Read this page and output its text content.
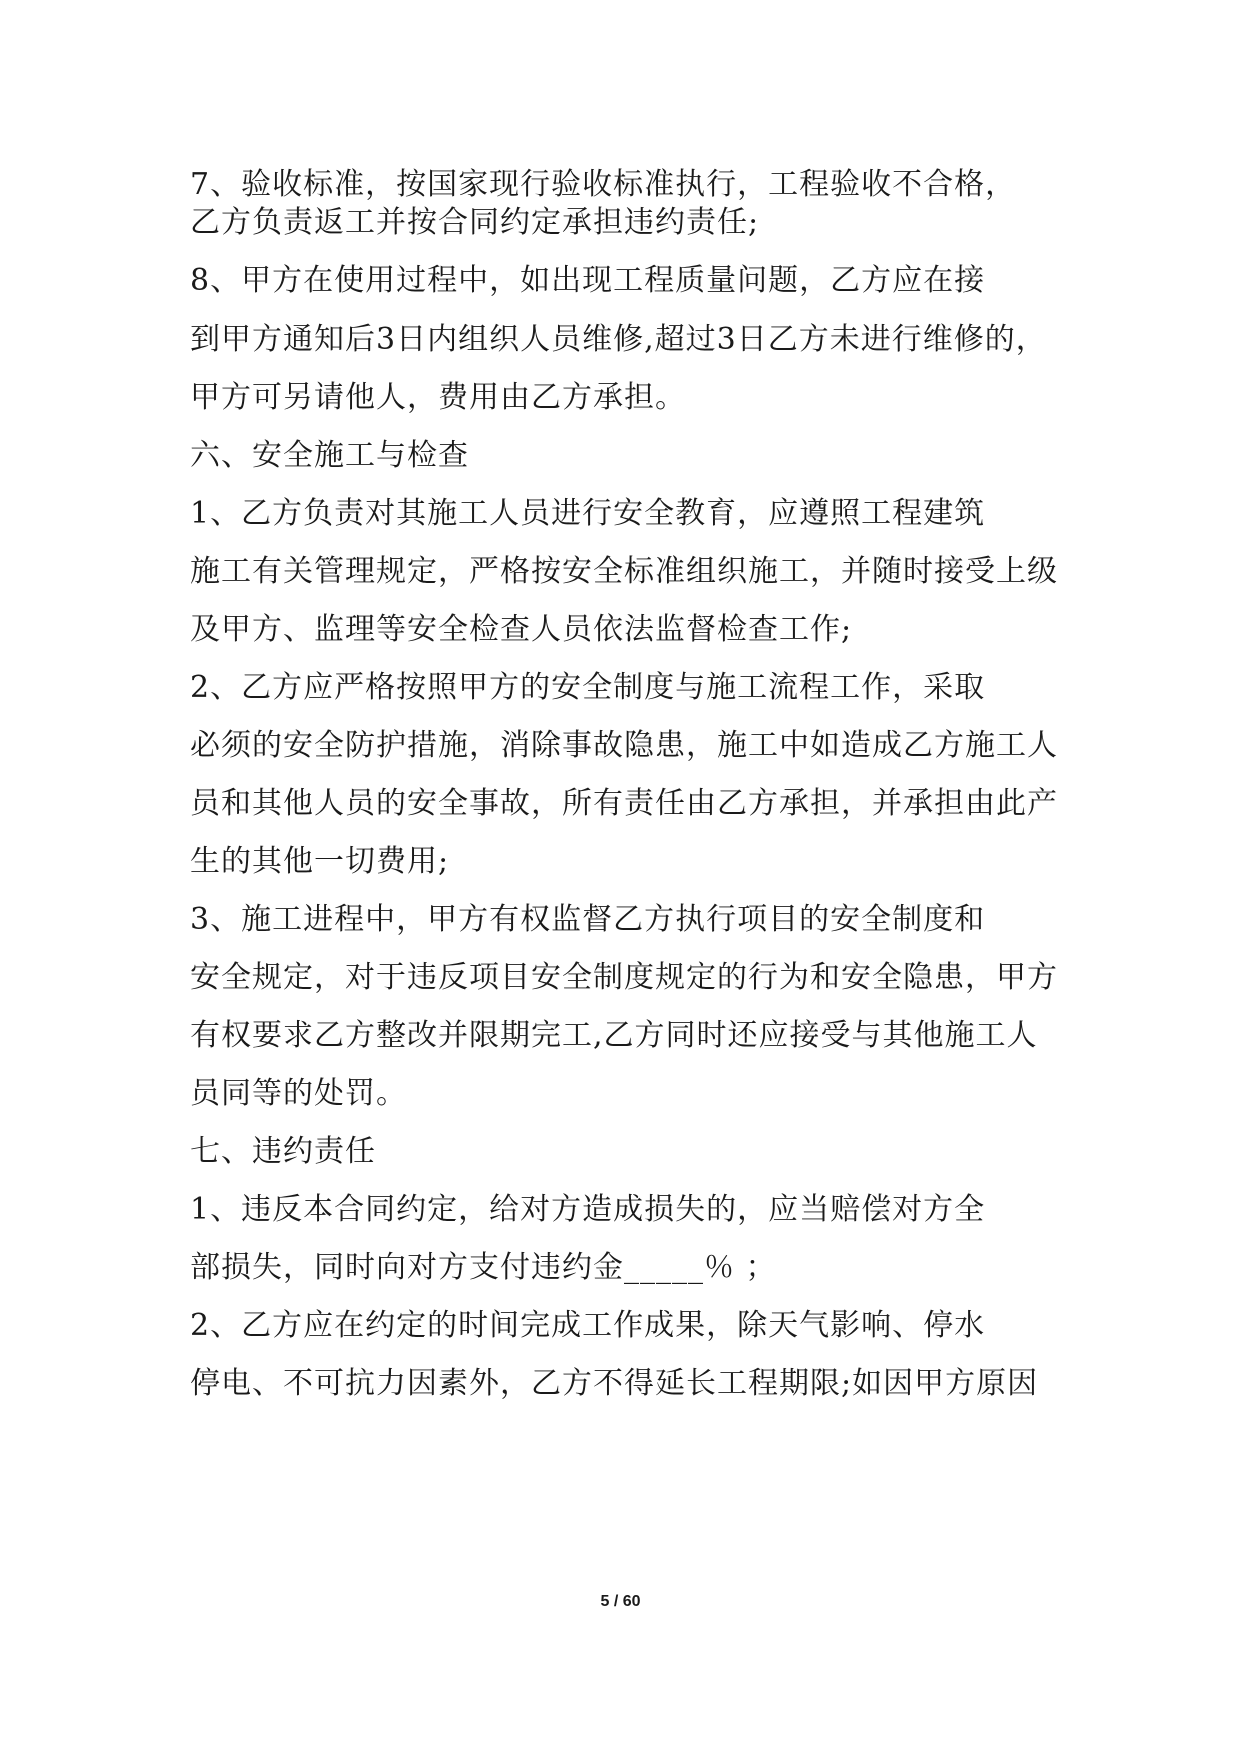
7、验收标准，按国家现行验收标准执行，工程验收不合格，
乙方负责返工并按合同约定承担违约责任;
8、甲方在使用过程中，如出现工程质量问题，乙方应在接
到甲方通知后3日内组织人员维修,超过3日乙方未进行维修的，
甲方可另请他人，费用由乙方承担。
六、安全施工与检查
1、乙方负责对其施工人员进行安全教育，应遵照工程建筑
施工有关管理规定，严格按安全标准组织施工，并随时接受上级
及甲方、监理等安全检查人员依法监督检查工作;
2、乙方应严格按照甲方的安全制度与施工流程工作，采取
必须的安全防护措施，消除事故隐患，施工中如造成乙方施工人
员和其他人员的安全事故，所有责任由乙方承担，并承担由此产
生的其他一切费用;
3、施工进程中，甲方有权监督乙方执行项目的安全制度和
安全规定，对于违反项目安全制度规定的行为和安全隐患，甲方
有权要求乙方整改并限期完工,乙方同时还应接受与其他施工人
员同等的处罚。
七、违约责任
1、违反本合同约定，给对方造成损失的，应当赔偿对方全
部损失，同时向对方支付违约金_____％ ；
2、乙方应在约定的时间完成工作成果，除天气影响、停水
停电、不可抗力因素外，乙方不得延长工程期限;如因甲方原因
5 / 60
